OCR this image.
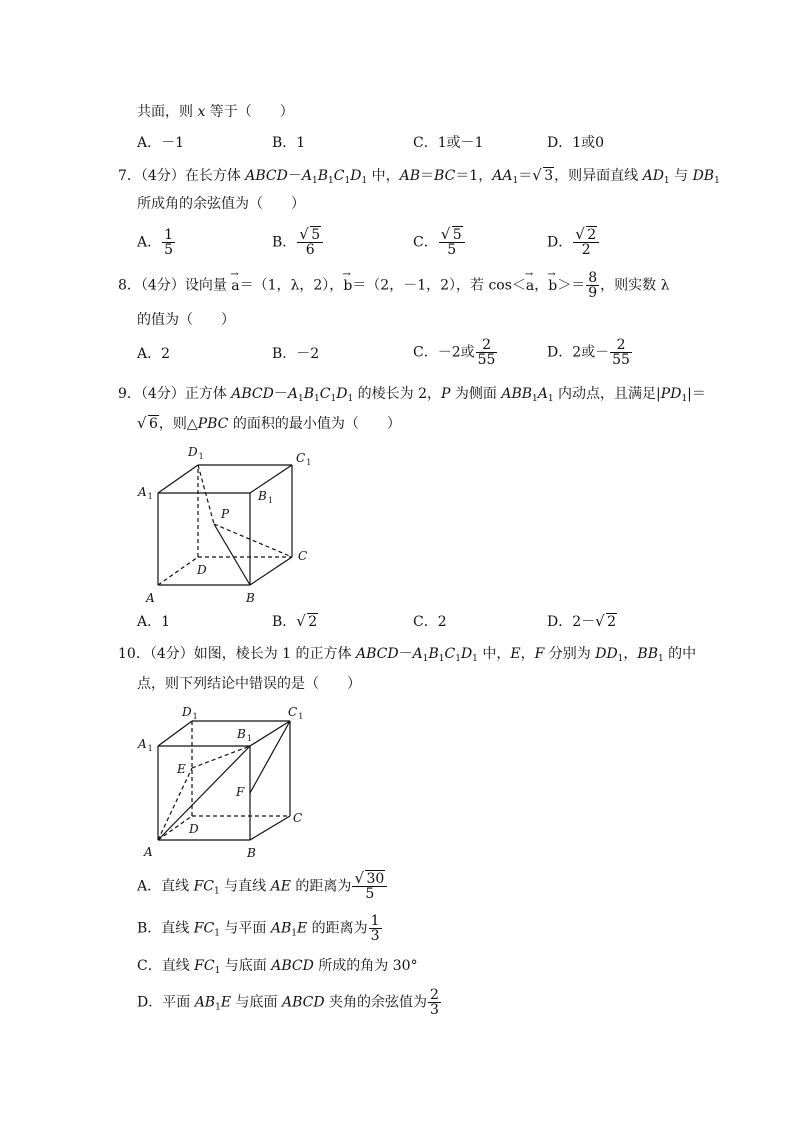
共面，则 x 等于（　　）
A．－1	B．1	C．1或－1	D．1或0
7．（4分）在长方体 $ABCD-A_1B_1C_1D_1$ 中，AB＝BC＝1，$AA_1=√$ 3，则异面直线 $AD_1$ 与 $DB_1$
所成角的余弦值为（　　）
A． $\frac{1}{5}$	B．
√ $\frac{5}{6}$	C．
√ $\frac{5}{5}$	D．
√ $\frac{2}{2}$
8．（4分）设向量 → a＝（1，λ，2），→ b＝（2，－1，2），若 cos＜→ a，→ $b>= \frac{8}{9}$ ，则实数 λ
的值为（　　）
A．2	B．－2	C．－2或 $\frac{2}{55}$	D．2或－ $\frac{2}{55}$
9．（4分）正方体 $ABCD-A_1B_1C_1D_1$ 的棱长为 2，P 为侧面 $ABB_1A_1$ 内动点，且满足$|PD_1|=$
√ 6，则△PBC 的面积的最小值为（　　）
$D_1$	$C_1$
$A_1$	$B_1$
P
D
C
A	B
A．1	B．√ 2	C．2	D．2－√ 2
10．（4分）如图，棱长为 1 的正方体 $ABCD-A_1B_1C_1D_1$ 中，E，F 分别为 $DD_1$，$BB_1$ 的中
点，则下列结论中错误的是（　　）
$D_1$	$C_1$
$A_1$
$B_1$
E
F
D
C
A	B
A．直线 $FC_1$ 与直线 AE 的距离为
√ $\frac{30}{5}$
B．直线 $FC_1$ 与平面 $AB_1E$ 的距离为 $\frac{1}{3}$
C．直线 $FC_1$ 与底面 ABCD 所成的角为 30°
D．平面 $AB_1E$ 与底面 ABCD 夹角的余弦值为 $\frac{2}{3}$
